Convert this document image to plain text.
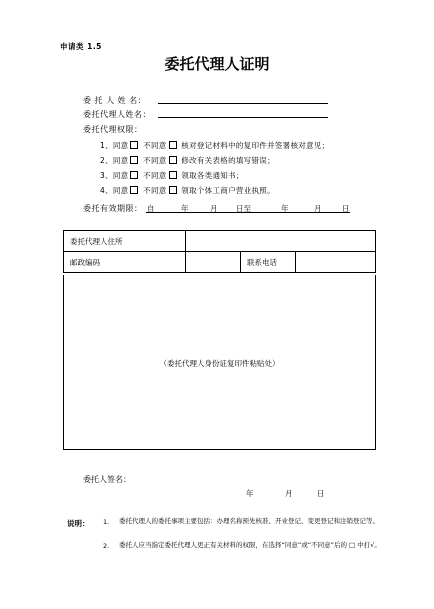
申请类 1.5
委托代理人证明
委 托 人 姓 名：
委托代理人姓名：
委托代理权限：
1、同意 不同意 核对登记材料中的复印件并签署核对意见；
2、同意 不同意 修改有关表格的填写错误；
3、同意 不同意 领取各类通知书；
4、同意 不同意 领取个体工商户营业执照。
委托有效期限： 自	年	月 日至	年	月	日
委托代理人住所			
邮政编码		联系电话	
（委托代理人身份证复印件粘贴处）
委托人签名：
年	月	日
说明： 1. 委托代理人的委托事项主要包括：办理名称预先核准、开业登记、变更登记和注销登记等。
2. 委托人应当指定委托代理人更正有关材料的权限，在选择“同意”或“不同意”后的 □ 中打√。
